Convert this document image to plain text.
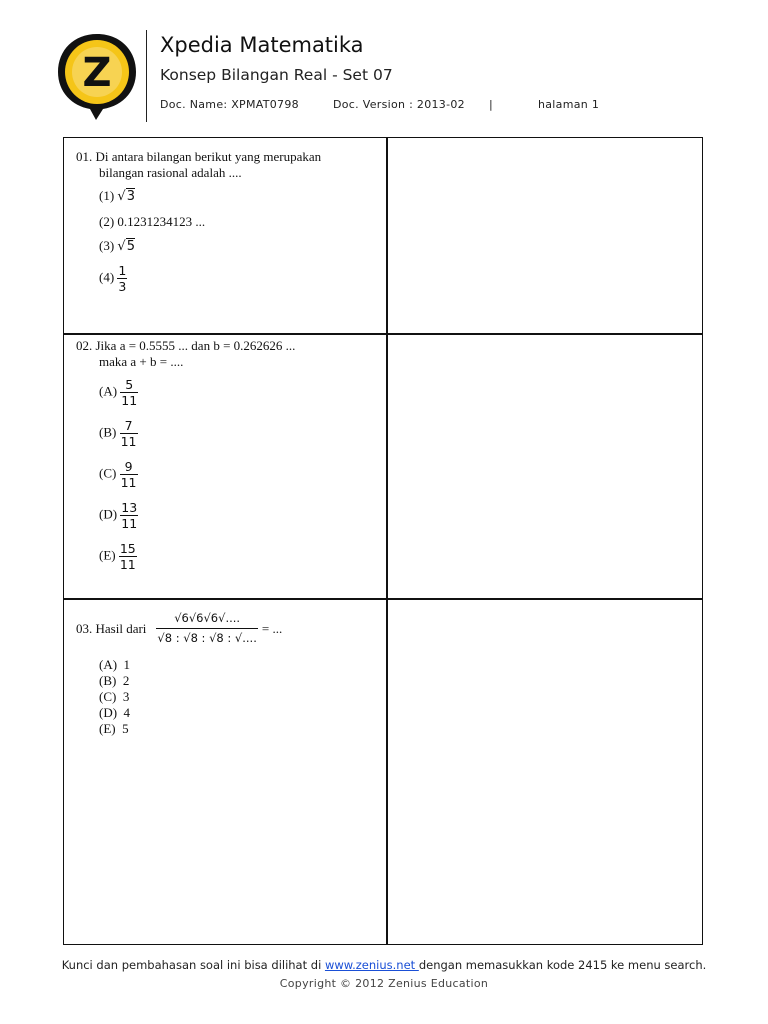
Z
Xpedia Matematika
Konsep Bilangan Real - Set 07
Doc. Name: XPMAT0798	Doc. Version : 2013-02 |	halaman 1
01. Di antara bilangan berikut yang merupakan
bilangan rasional adalah ....
(1) √3
(2) 0.1231234123 ...
(3) √5
$(4) \frac{1}{3}$
02. Jika a = 0.5555 ... dan b = 0.262626 ...
maka a + b = ....
$(A) \frac{5}{11}$
$(B) \frac{7}{11}$
$(C) \frac{9}{11}$
$(D) \frac{13}{11}$
$(E) \frac{15}{11}$
03. Hasil dari $\frac{√6√6√6√....}{√8 : √8 : √8 : √....}$ = ...
(A) 1
(B) 2
(C) 3
(D) 4
(E) 5
Kunci dan pembahasan soal ini bisa dilihat di www.zenius.net dengan memasukkan kode 2415 ke menu search.
Copyright © 2012 Zenius Education
